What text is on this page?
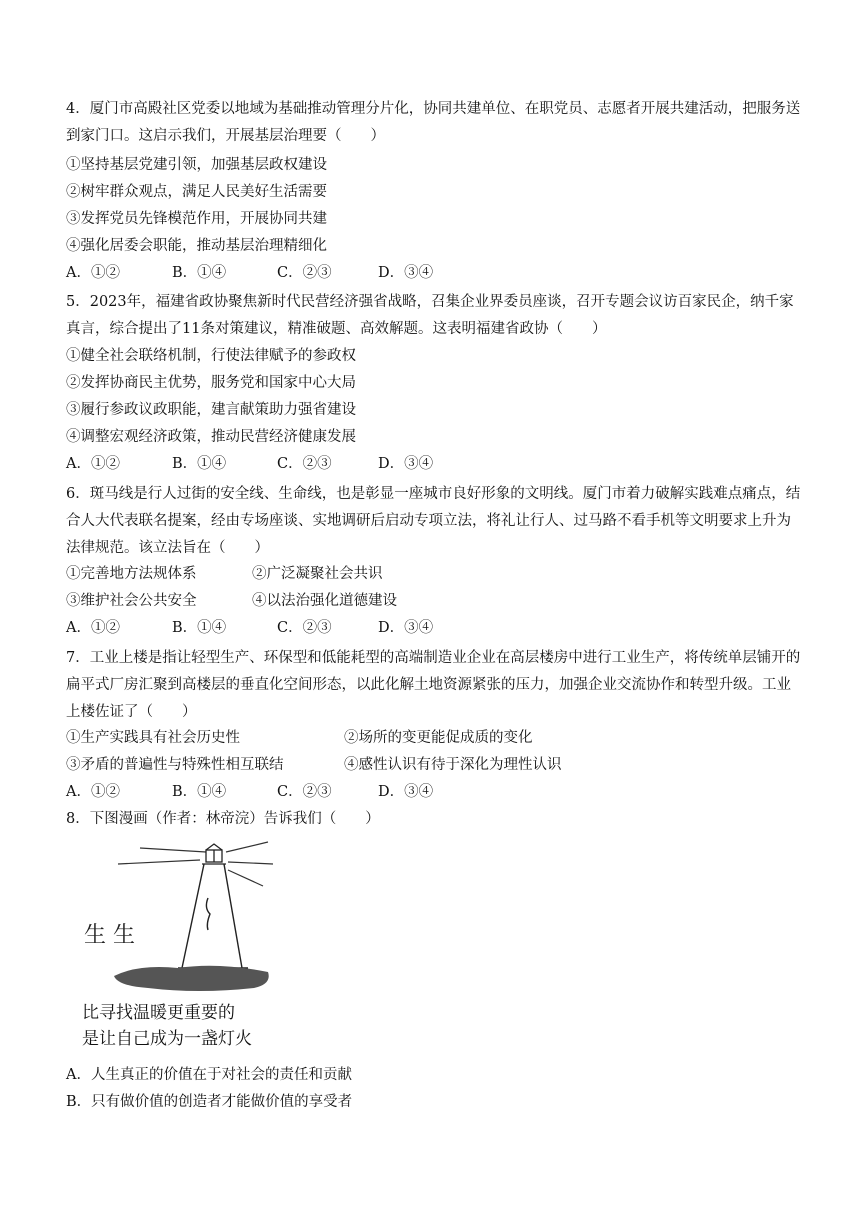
4．厦门市高殿社区党委以地域为基础推动管理分片化，协同共建单位、在职党员、志愿者开展共建活动，把服务送到家门口。这启示我们，开展基层治理要（　　）
①坚持基层党建引领，加强基层政权建设
②树牢群众观点，满足人民美好生活需要
③发挥党员先锋模范作用，开展协同共建
④强化居委会职能，推动基层治理精细化
A．①②	B．①④	C．②③	D．③④
5．2023年，福建省政协聚焦新时代民营经济强省战略，召集企业界委员座谈，召开专题会议访百家民企，纳千家真言，综合提出了11条对策建议，精准破题、高效解题。这表明福建省政协（　　）
①健全社会联络机制，行使法律赋予的参政权
②发挥协商民主优势，服务党和国家中心大局
③履行参政议政职能，建言献策助力强省建设
④调整宏观经济政策，推动民营经济健康发展
A．①②	B．①④	C．②③	D．③④
6．斑马线是行人过街的安全线、生命线，也是彰显一座城市良好形象的文明线。厦门市着力破解实践难点痛点，结合人大代表联名提案，经由专场座谈、实地调研后启动专项立法，将礼让行人、过马路不看手机等文明要求上升为法律规范。该立法旨在（　　）
①完善地方法规体系	②广泛凝聚社会共识
③维护社会公共安全	④以法治强化道德建设
A．①②	B．①④	C．②③	D．③④
7．工业上楼是指让轻型生产、环保型和低能耗型的高端制造业企业在高层楼房中进行工业生产，将传统单层铺开的扁平式厂房汇聚到高楼层的垂直化空间形态，以此化解土地资源紧张的压力，加强企业交流协作和转型升级。工业上楼佐证了（　　）
①生产实践具有社会历史性	②场所的变更能促成质的变化
③矛盾的普遍性与特殊性相互联结	④感性认识有待于深化为理性认识
A．①②	B．①④	C．②③	D．③④
8．下图漫画（作者：林帝浣）告诉我们（　　）
生 生
比寻找温暖更重要的
是让自己成为一盏灯火
A．人生真正的价值在于对社会的责任和贡献
B．只有做价值的创造者才能做价值的享受者
